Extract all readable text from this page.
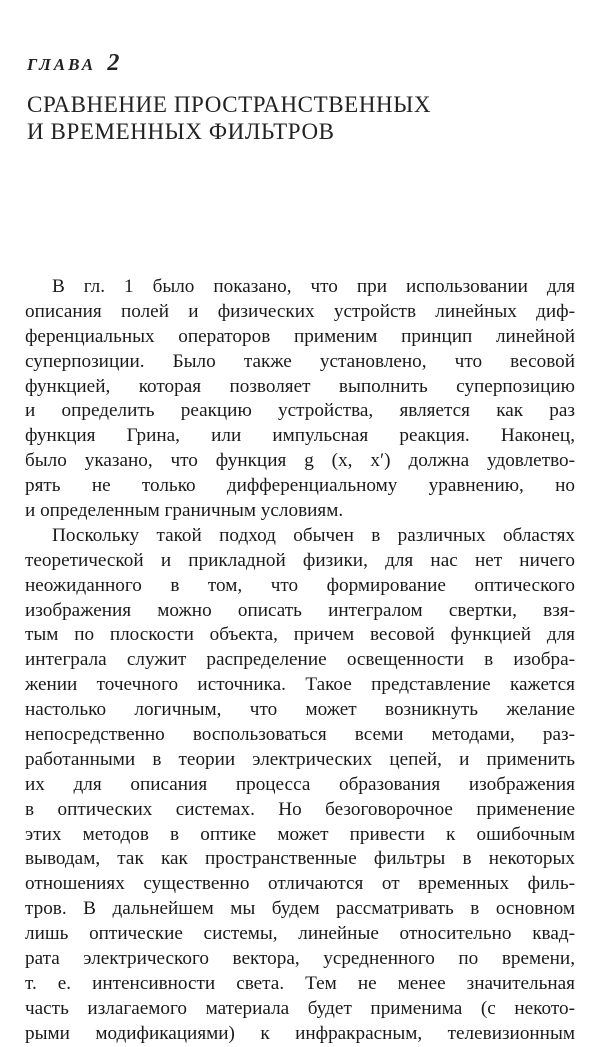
ГЛАВА 2
СРАВНЕНИЕ ПРОСТРАНСТВЕННЫХ
И ВРЕМЕННЫХ ФИЛЬТРОВ
В гл. 1 было показано, что при использовании для
описания полей и физических устройств линейных диф-
ференциальных операторов применим принцип линейной
суперпозиции. Было также установлено, что весовой
функцией, которая позволяет выполнить суперпозицию
и определить реакцию устройства, является как раз
функция Грина, или импульсная реакция. Наконец,
было указано, что функция g (x, x′) должна удовлетво-
рять не только дифференциальному уравнению, но
и определенным граничным условиям.
Поскольку такой подход обычен в различных областях
теоретической и прикладной физики, для нас нет ничего
неожиданного в том, что формирование оптического
изображения можно описать интегралом свертки, взя-
тым по плоскости объекта, причем весовой функцией для
интеграла служит распределение освещенности в изобра-
жении точечного источника. Такое представление кажется
настолько логичным, что может возникнуть желание
непосредственно воспользоваться всеми методами, раз-
работанными в теории электрических цепей, и применить
их для описания процесса образования изображения
в оптических системах. Но безоговорочное применение
этих методов в оптике может привести к ошибочным
выводам, так как пространственные фильтры в некоторых
отношениях существенно отличаются от временных филь-
тров. В дальнейшем мы будем рассматривать в основном
лишь оптические системы, линейные относительно квад-
рата электрического вектора, усредненного по времени,
т. е. интенсивности света. Тем не менее значительная
часть излагаемого материала будет применима (с некото-
рыми модификациями) к инфракрасным, телевизионным
